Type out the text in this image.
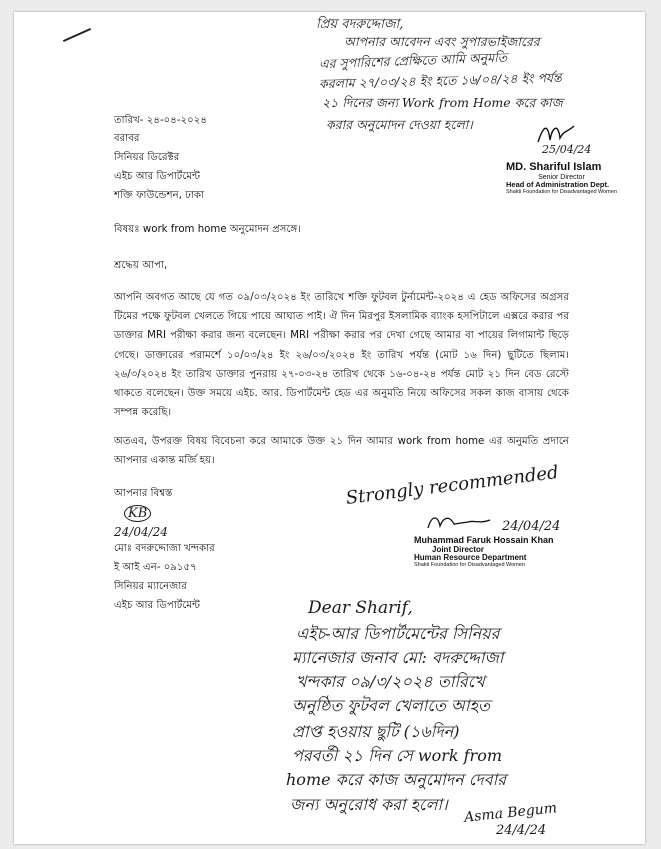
প্রিয় বদরুদ্দোজা,
আপনার আবেদন এবং সুপারভাইজারের
এর সুপারিশের প্রেক্ষিতে আমি অনুমতি
করলাম ২৭/০৩/২৪ ইং হতে ১৬/০৪/২৪ ইং পর্যন্ত
২১ দিনের জন্য Work from Home করে কাজ
করার অনুমোদন দেওয়া হলো।
25/04/24
MD. Shariful Islam
Senior Director
Head of Administration Dept.
Shakti Foundation for Disadvantaged Women
তারিখ- ২৪-০৪-২০২৪
বরাবর
সিনিয়র ডিরেক্টর
এইচ আর ডিপার্টমেন্ট
শক্তি ফাউন্ডেশন, ঢাকা
বিষয়ঃ work from home অনুমোদন প্রসঙ্গে।
শ্রদ্ধেয় আপা,
আপনি অবগত আছে যে গত ০৯/০৩/২০২৪ ইং তারিখে শক্তি ফুটবল টুর্নামেন্ট-২০২৪ এ হেড অফিসের অগ্রসর টিমের পক্ষে ফুটবল খেলতে গিয়ে পায়ে আঘাত পাই। ঐ দিন মিরপুর ইসলামিক ব্যাংক হসপিটালে এক্সরে করার পর ডাক্তার MRI পরীক্ষা করার জন্য বলেছেন। MRI পরীক্ষা করার পর দেখা গেছে আমার বা পায়ের লিগামান্ট ছিড়ে গেছে। ডাক্তারের পরামর্শে ১০/০৩/২৪ ইং ২৬/০৩/২০২৪ ইং তারিখ পর্যন্ত (মোট ১৬ দিন) ছুটিতে ছিলাম। ২৬/৩/২০২৪ ইং তারিখ ডাক্তার পুনরায় ২৭-০৩-২৪ তারিখ থেকে ১৬-০৪-২৪ পর্যন্ত মোট ২১ দিন বেড রেস্টে থাকতে বলেছেন। উক্ত সময়ে এইচ. আর. ডিপার্টমেন্ট হেড এর অনুমতি নিয়ে অফিসের সকল কাজ বাসায় থেকে সম্পন্ন করেছি।
অতএব, উপরক্ত বিষয় বিবেচনা করে আমাকে উক্ত ২১ দিন আমার work from home এর অনুমতি প্রদানে আপনার একান্ত মর্জি হয়।
আপনার বিশ্বস্ত
KB
24/04/24
মোঃ বদরুদ্দোজা খন্দকার
ই আই এন- ০৯১৫৭
সিনিয়র ম্যানেজার
এইচ আর ডিপার্টমেন্ট
Strongly recommended
24/04/24
Muhammad Faruk Hossain Khan
Joint Director
Human Resource Department
Shakti Foundation for Disadvantaged Women
Dear Sharif,
এইচ-আর ডিপার্টমেন্টের সিনিয়র
ম্যানেজার জনাব মো: বদরুদ্দোজা
খন্দকার ০৯/৩/২০২৪ তারিখে
অনুষ্ঠিত ফুটবল খেলাতে আহত
প্রাপ্ত হওয়ায় ছুটি (১৬দিন)
পরবর্তী ২১ দিন সে work from
home করে কাজ অনুমোদন দেবার
জন্য অনুরোধ করা হলো। Asma Begum
24/4/24
